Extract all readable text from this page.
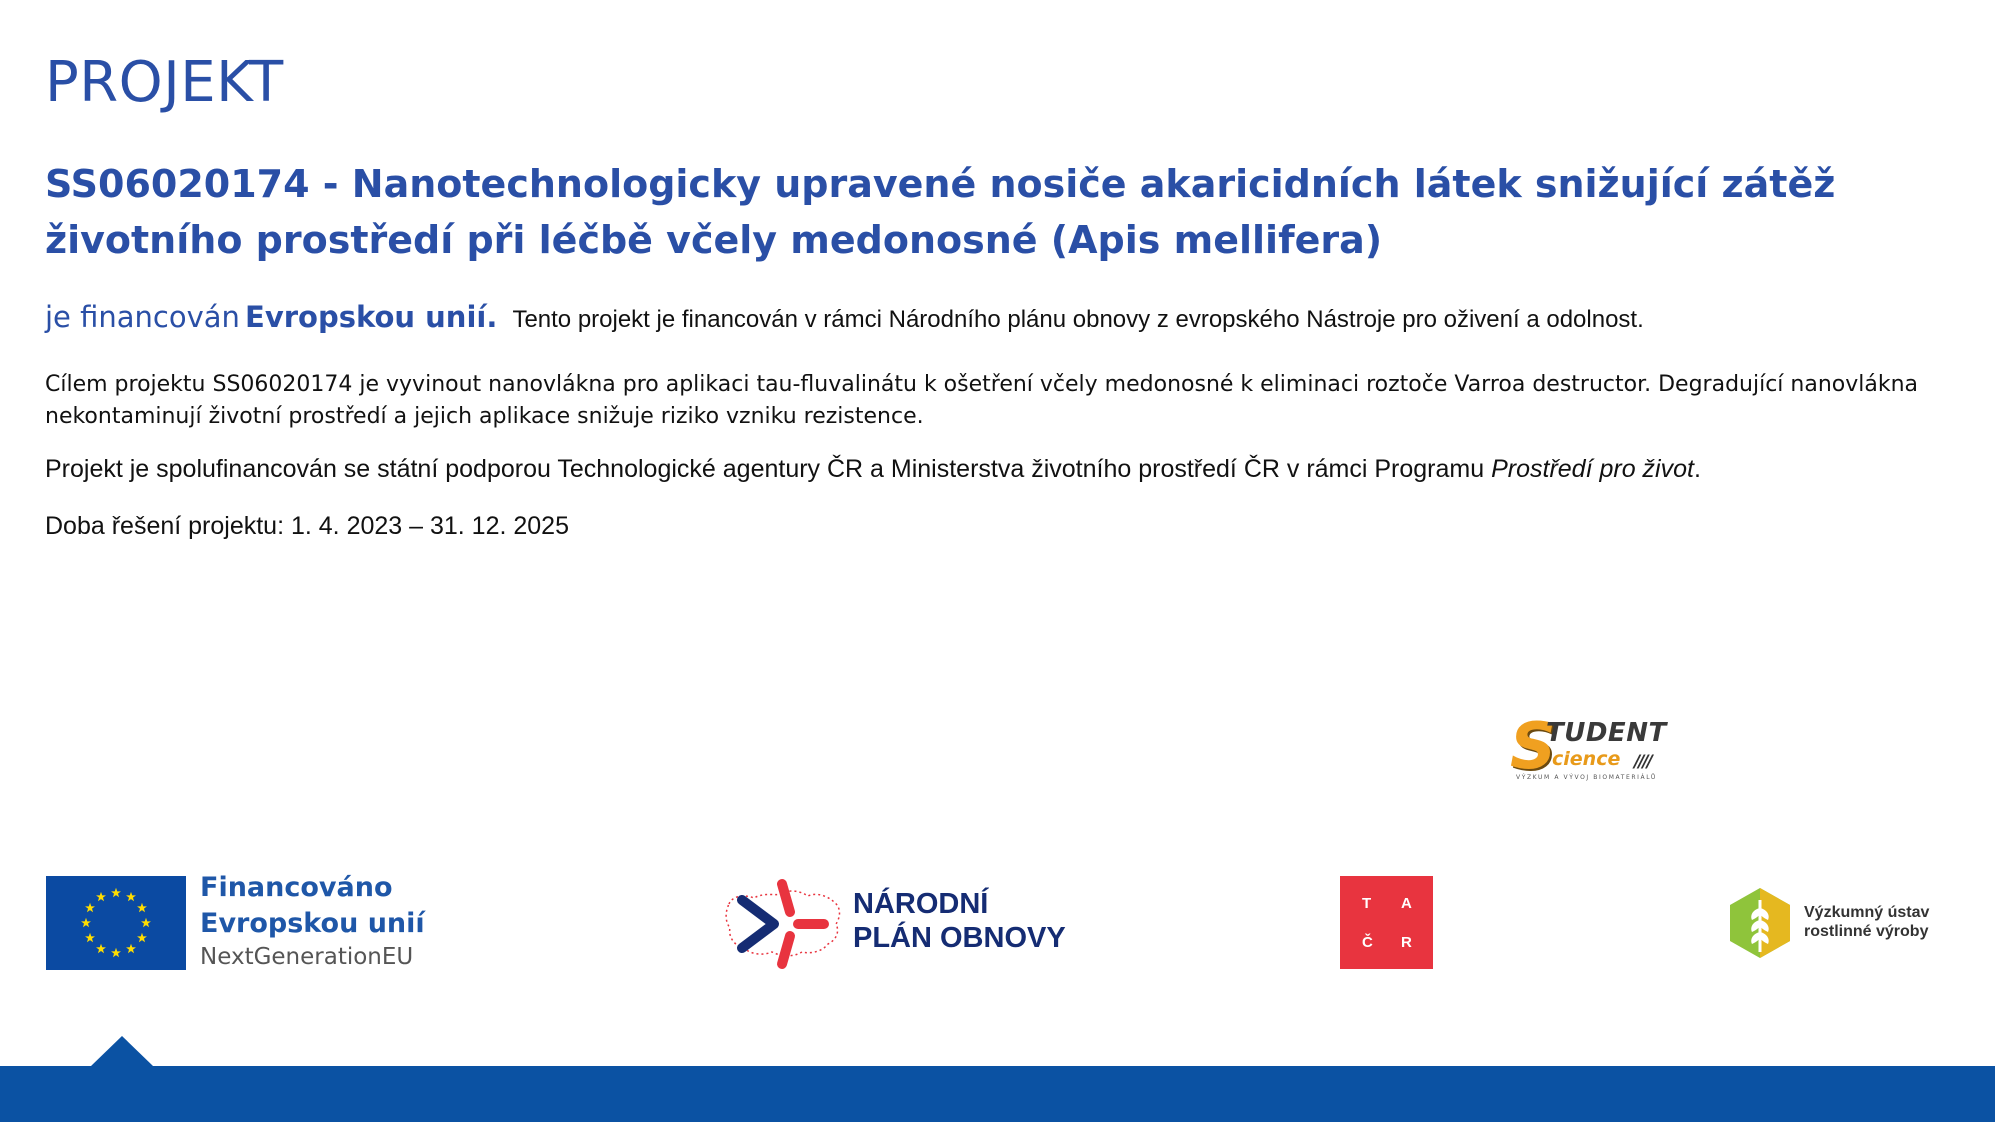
PROJEKT
SS06020174 - Nanotechnologicky upravené nosiče akaricidních látek snižující zátěž životního prostředí při léčbě včely medonosné (Apis mellifera)
je financován Evropskou unií. Tento projekt je financován v rámci Národního plánu obnovy z evropského Nástroje pro oživení a odolnost.
Cílem projektu SS06020174 je vyvinout nanovlákna pro aplikaci tau-fluvalinátu k ošetření včely medonosné k eliminaci roztoče Varroa destructor. Degradující nanovlákna nekontaminují životní prostředí a jejich aplikace snižuje riziko vzniku rezistence.
Projekt je spolufinancován se státní podporou Technologické agentury ČR a Ministerstva životního prostředí ČR v rámci Programu Prostředí pro život.
Doba řešení projektu: 1. 4. 2023 – 31. 12. 2025
S
TUDENT
cience ////
VÝZKUM A VÝVOJ BIOMATERIÁLŮ
Financováno
Evropskou unií
NextGenerationEU
NÁRODNÍ
PLÁN OBNOVY
T A
Č R
Výzkumný ústav
rostlinné výroby
